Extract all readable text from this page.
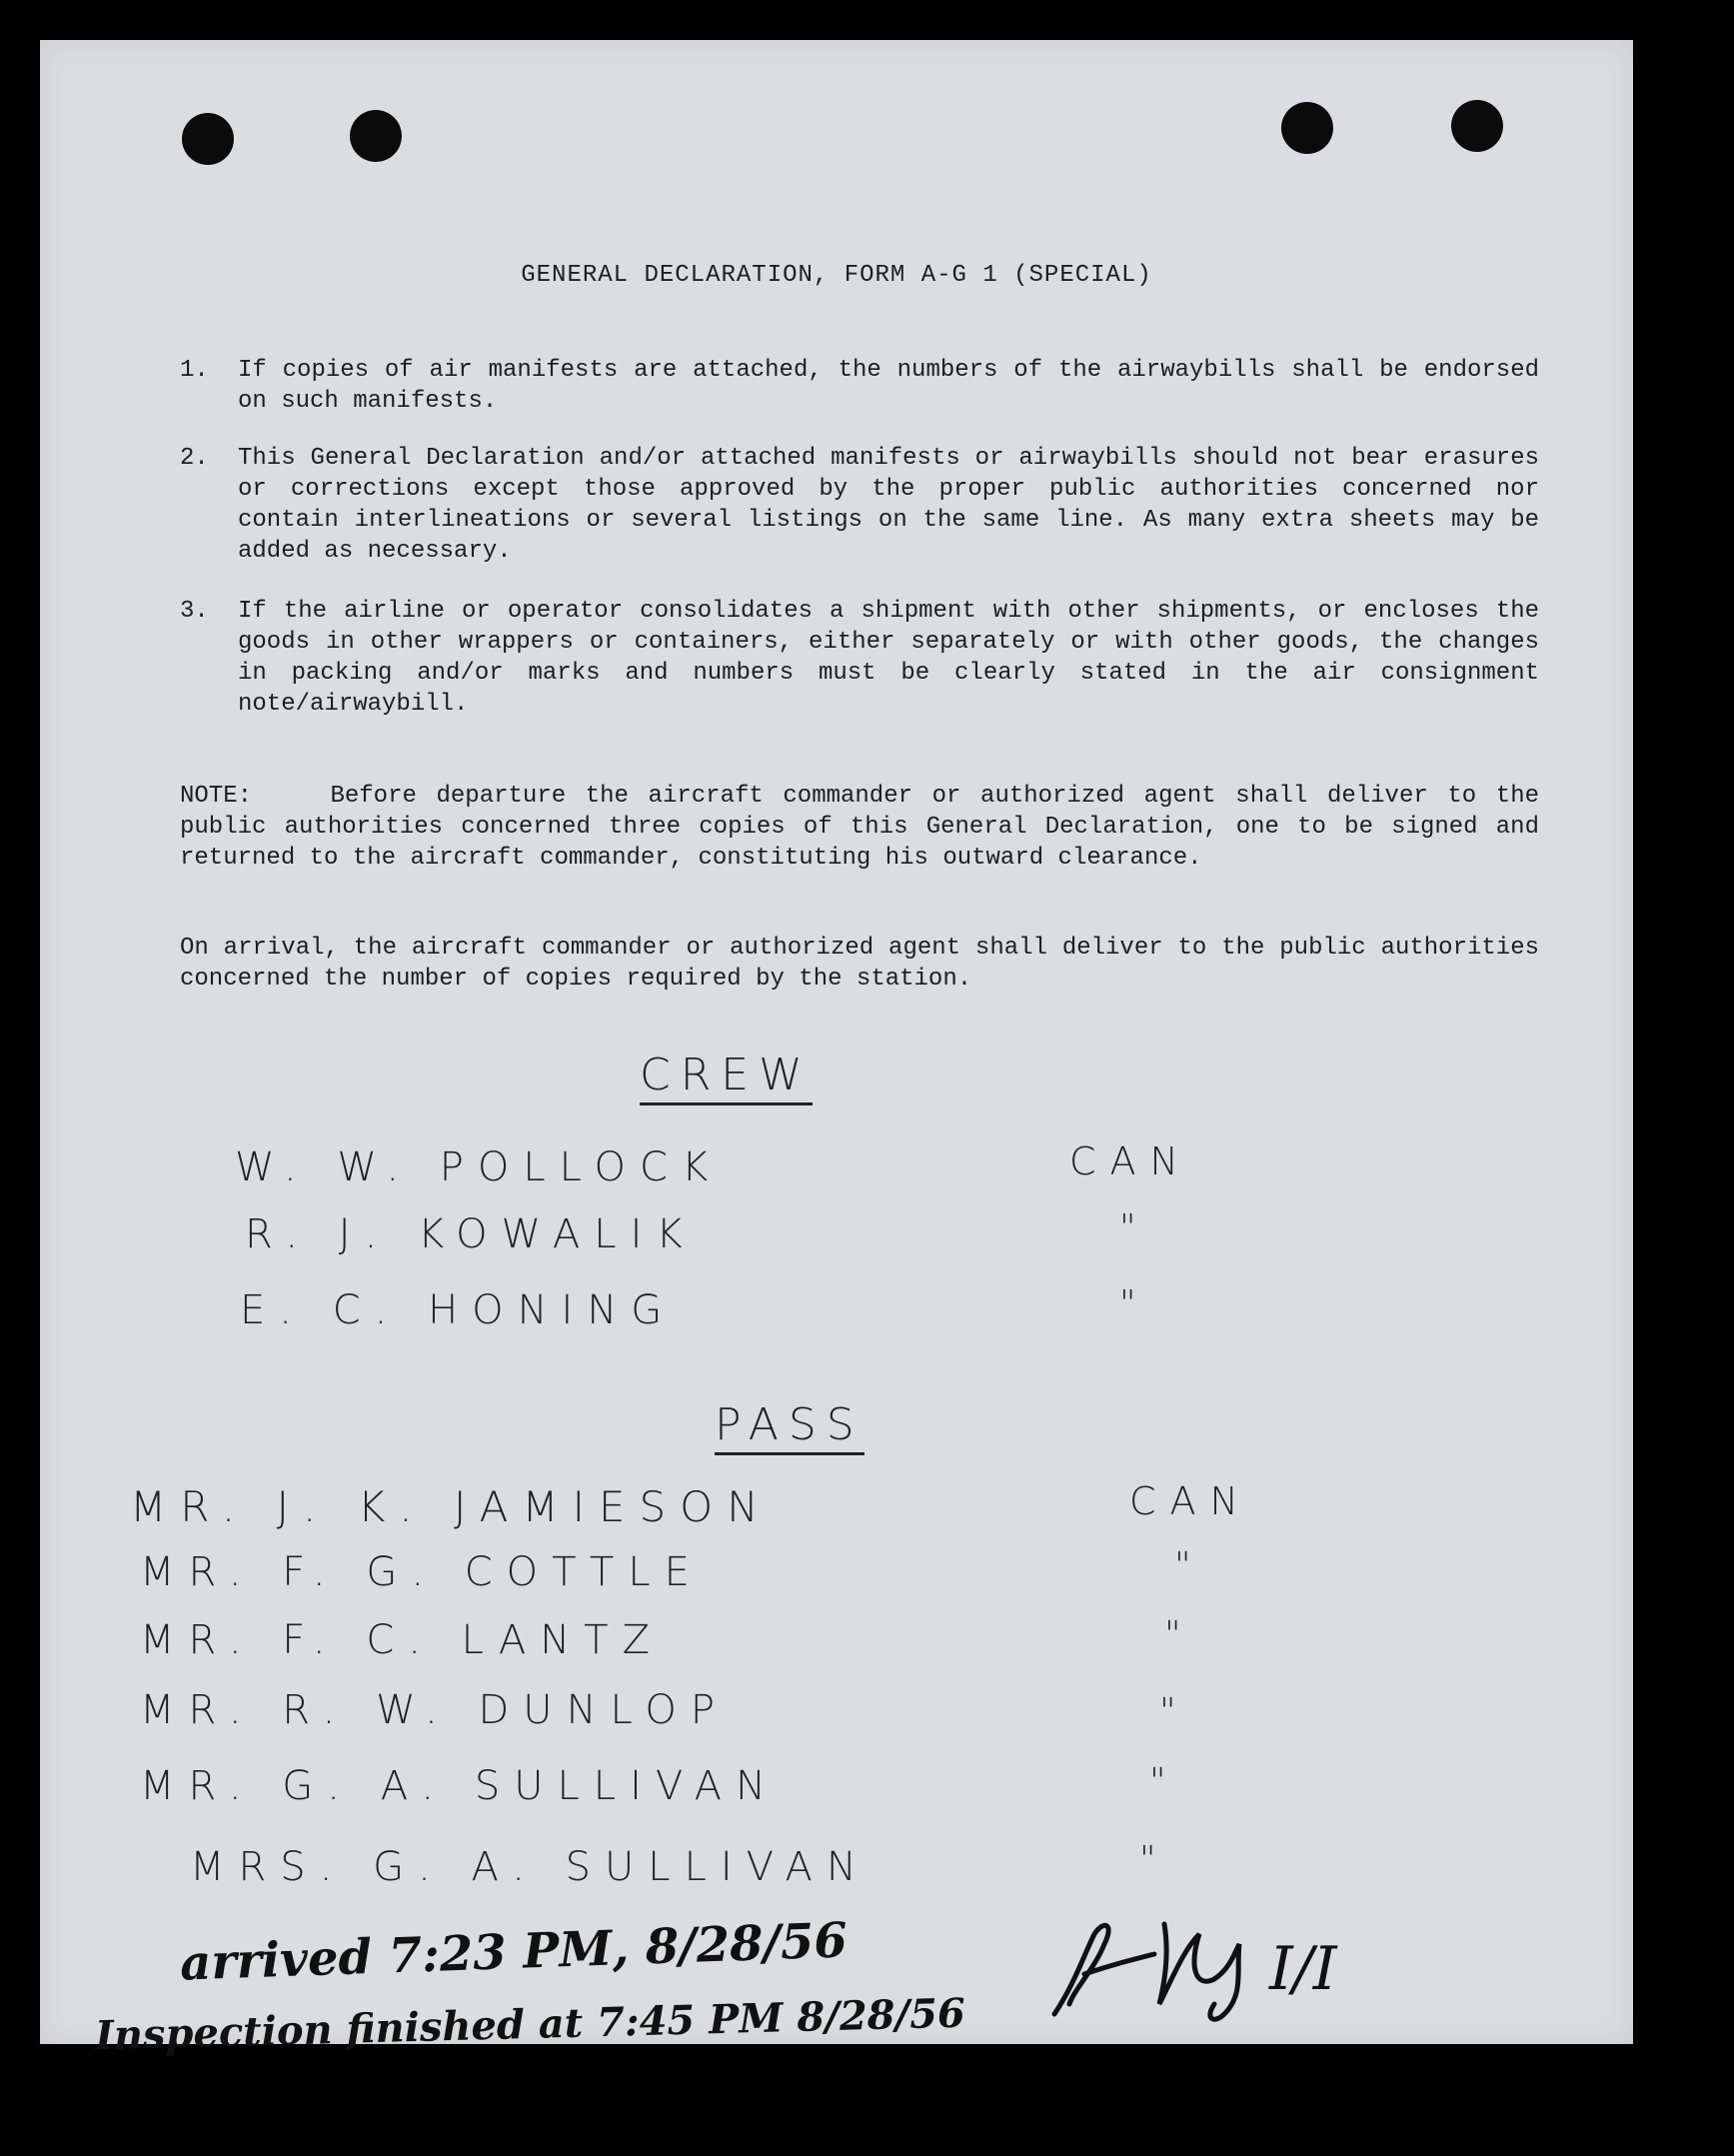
GENERAL DECLARATION, FORM A-G 1 (SPECIAL)
1.	If copies of air manifests are attached, the numbers of the airwaybills shall be endorsed on such manifests.
2.	This General Declaration and/or attached manifests or airwaybills should not bear erasures or corrections except those approved by the proper public authorities concerned nor contain interlineations or several listings on the same line. As many extra sheets may be added as necessary.
3.	If the airline or operator consolidates a shipment with other shipments, or encloses the goods in other wrappers or containers, either separately or with other goods, the changes in packing and/or marks and numbers must be clearly stated in the air consignment note/airwaybill.
NOTE:    Before departure the aircraft commander or authorized agent shall deliver to the public authorities concerned three copies of this General Declaration, one to be signed and returned to the aircraft commander, constituting his outward clearance.
On arrival, the aircraft commander or authorized agent shall deliver to the public authorities concerned the number of copies required by the station.
CREW
W. W. POLLOCK	CAN
R. J. KOWALIK	"
E. C. HONING	"
PASS
MR. J. K. JAMIESON	CAN
MR. F. G. COTTLE	"
MR. F. C. LANTZ	"
MR. R. W. DUNLOP	"
MR. G. A. SULLIVAN	"
MRS. G. A. SULLIVAN	"
arrived 7:23 PM, 8/28/56
Inspection finished at 7:45 PM 8/28/56
I/I
